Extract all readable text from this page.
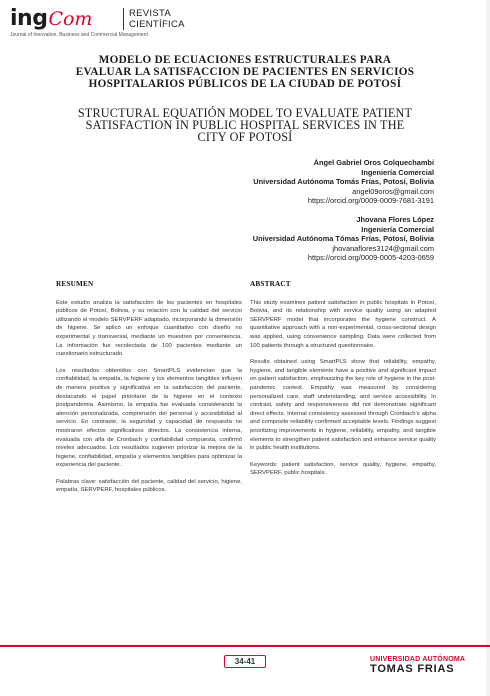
ing Com
Journal of Innovation, Business and Commercial Management
REVISTA
CIENTÍFICA
MODELO DE ECUACIONES ESTRUCTURALES PARA
EVALUAR LA SATISFACCION DE PACIENTES EN SERVICIOS
HOSPITALARIOS PÚBLICOS DE LA CIUDAD DE POTOSÍ
STRUCTURAL EQUATIÓN MODEL TO EVALUATE PATIENT
SATISFACTION IN PUBLIC HOSPITAL SERVICES IN THE
CITY OF POTOSÍ
Ángel Gabriel Oros Colquechambi
Ingeniería Comercial
Universidad Autónoma Tomás Frías, Potosí, Bolivia
angel09oros@gmail.com
https://orcid.org/0009-0009-7681-3191
Jhovana Flores López
Ingeniería Comercial
Universidad Autónoma Tómas Frías, Potosí, Bolivia
jhovanaflores3124@gmail.com
https://orcid.org/0009-0005-4203-0659
RESUMEN

Este estudio analiza la satisfacción de los pacientes en hospitales públicos de Potosí, Bolivia, y su relación con la calidad del servicio utilizando el modelo SERVPERF adaptado, incorporando la dimensión de higiene. Se aplicó un enfoque cuantitativo con diseño no experimental y transversal, mediante un muestreo por conveniencia. La información fue recolectada de 100 pacientes mediante un cuestionario estructurado.

Los resultados obtenidos con SmartPLS evidencian que la confiabilidad, la empatía, la higiene y los elementos tangibles influyen de manera positiva y significativa en la satisfacción del paciente, destacando el papel prioritario de la higiene en el contexto postpandemia. Asimismo, la empatía fue evaluada considerando la atención personalizada, comprensión del personal y accesibilidad al servicio. En contraste, la seguridad y capacidad de respuesta no mostraron efectos significativos directos. La consistencia interna, evaluada con alfa de Cronbach y confiabilidad compuesta, confirmó niveles adecuados. Los resultados sugieren priorizar la mejora de la higiene, confiabilidad, empatía y elementos tangibles para optimizar la experiencia del paciente.

Palabras clave: satisfacción del paciente, calidad del servicio, higiene, empatía, SERVPERF, hospitales públicos.

ABSTRACT

This study examines patient satisfaction in public hospitals in Potosí, Bolivia, and its relationship with service quality using an adapted SERVPERF model that incorporates the hygiene construct. A quantitative approach with a non-experimental, cross-sectional design was applied, using convenience sampling. Data were collected from 100 patients through a structured questionnaire.

Results obtained using SmartPLS show that reliability, empathy, hygiene, and tangible elements have a positive and significant impact on patient satisfaction, emphasizing the key role of hygiene in the post-pandemic context. Empathy was measured by considering personalized care, staff understanding, and service accessibility. In contrast, safety and responsiveness did not demonstrate significant direct effects. Internal consistency assessed through Cronbach’s alpha and composite reliability confirmed acceptable levels. Findings suggest prioritizing improvements in hygiene, reliability, empathy, and tangible elements to strengthen patient satisfaction and enhance service quality in public health institutions.

Keywords: patient satisfaction, service quality, hygiene, empathy, SERVPERF, public hospitals.

34-41	UNIVERSIDAD AUTÓNOMA
TOMAS FRIAS
